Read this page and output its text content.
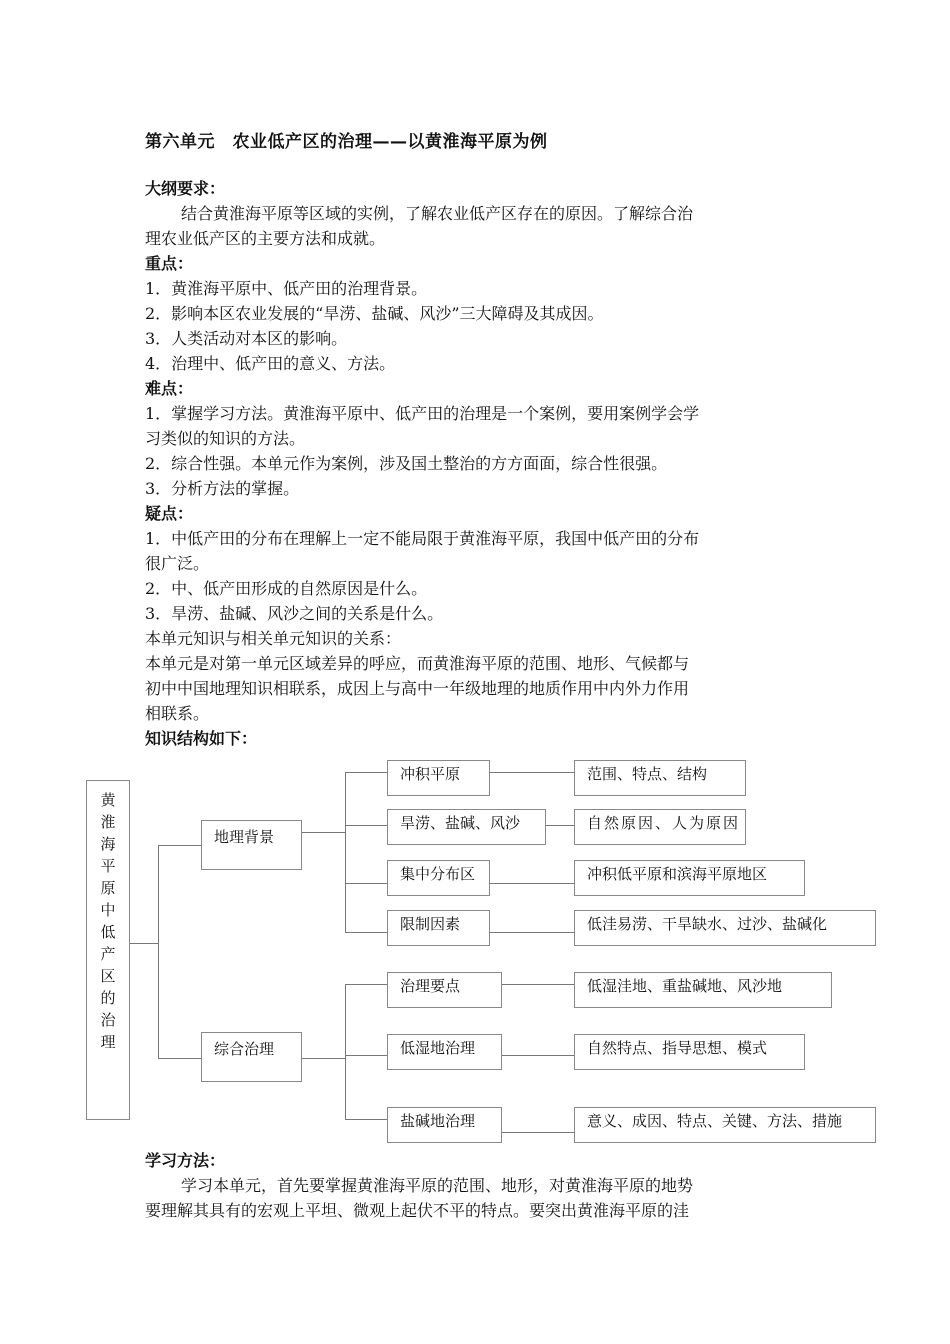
第六单元　农业低产区的治理——以黄淮海平原为例
大纲要求：
结合黄淮海平原等区域的实例，了解农业低产区存在的原因。了解综合治
理农业低产区的主要方法和成就。
重点：
1．黄淮海平原中、低产田的治理背景。
2．影响本区农业发展的“旱涝、盐碱、风沙”三大障碍及其成因。
3．人类活动对本区的影响。
4．治理中、低产田的意义、方法。
难点：
1．掌握学习方法。黄淮海平原中、低产田的治理是一个案例，要用案例学会学
习类似的知识的方法。
2．综合性强。本单元作为案例，涉及国土整治的方方面面，综合性很强。
3．分析方法的掌握。
疑点：
1．中低产田的分布在理解上一定不能局限于黄淮海平原，我国中低产田的分布
很广泛。
2．中、低产田形成的自然原因是什么。
3．旱涝、盐碱、风沙之间的关系是什么。
本单元知识与相关单元知识的关系：
本单元是对第一单元区域差异的呼应，而黄淮海平原的范围、地形、气候都与
初中中国地理知识相联系，成因上与高中一年级地理的地质作用中内外力作用
相联系。
知识结构如下：
黄
淮
海
平
原
中
低
产
区
的
治
理
地理背景
综合治理
冲积平原
旱涝、盐碱、风沙
集中分布区
限制因素
治理要点
低湿地治理
盐碱地治理
范围、特点、结构
自然原因、人为原因
冲积低平原和滨海平原地区
低洼易涝、干旱缺水、过沙、盐碱化
低湿洼地、重盐碱地、风沙地
自然特点、指导思想、模式
意义、成因、特点、关键、方法、措施
学习方法：
学习本单元，首先要掌握黄淮海平原的范围、地形，对黄淮海平原的地势
要理解其具有的宏观上平坦、微观上起伏不平的特点。要突出黄淮海平原的洼
